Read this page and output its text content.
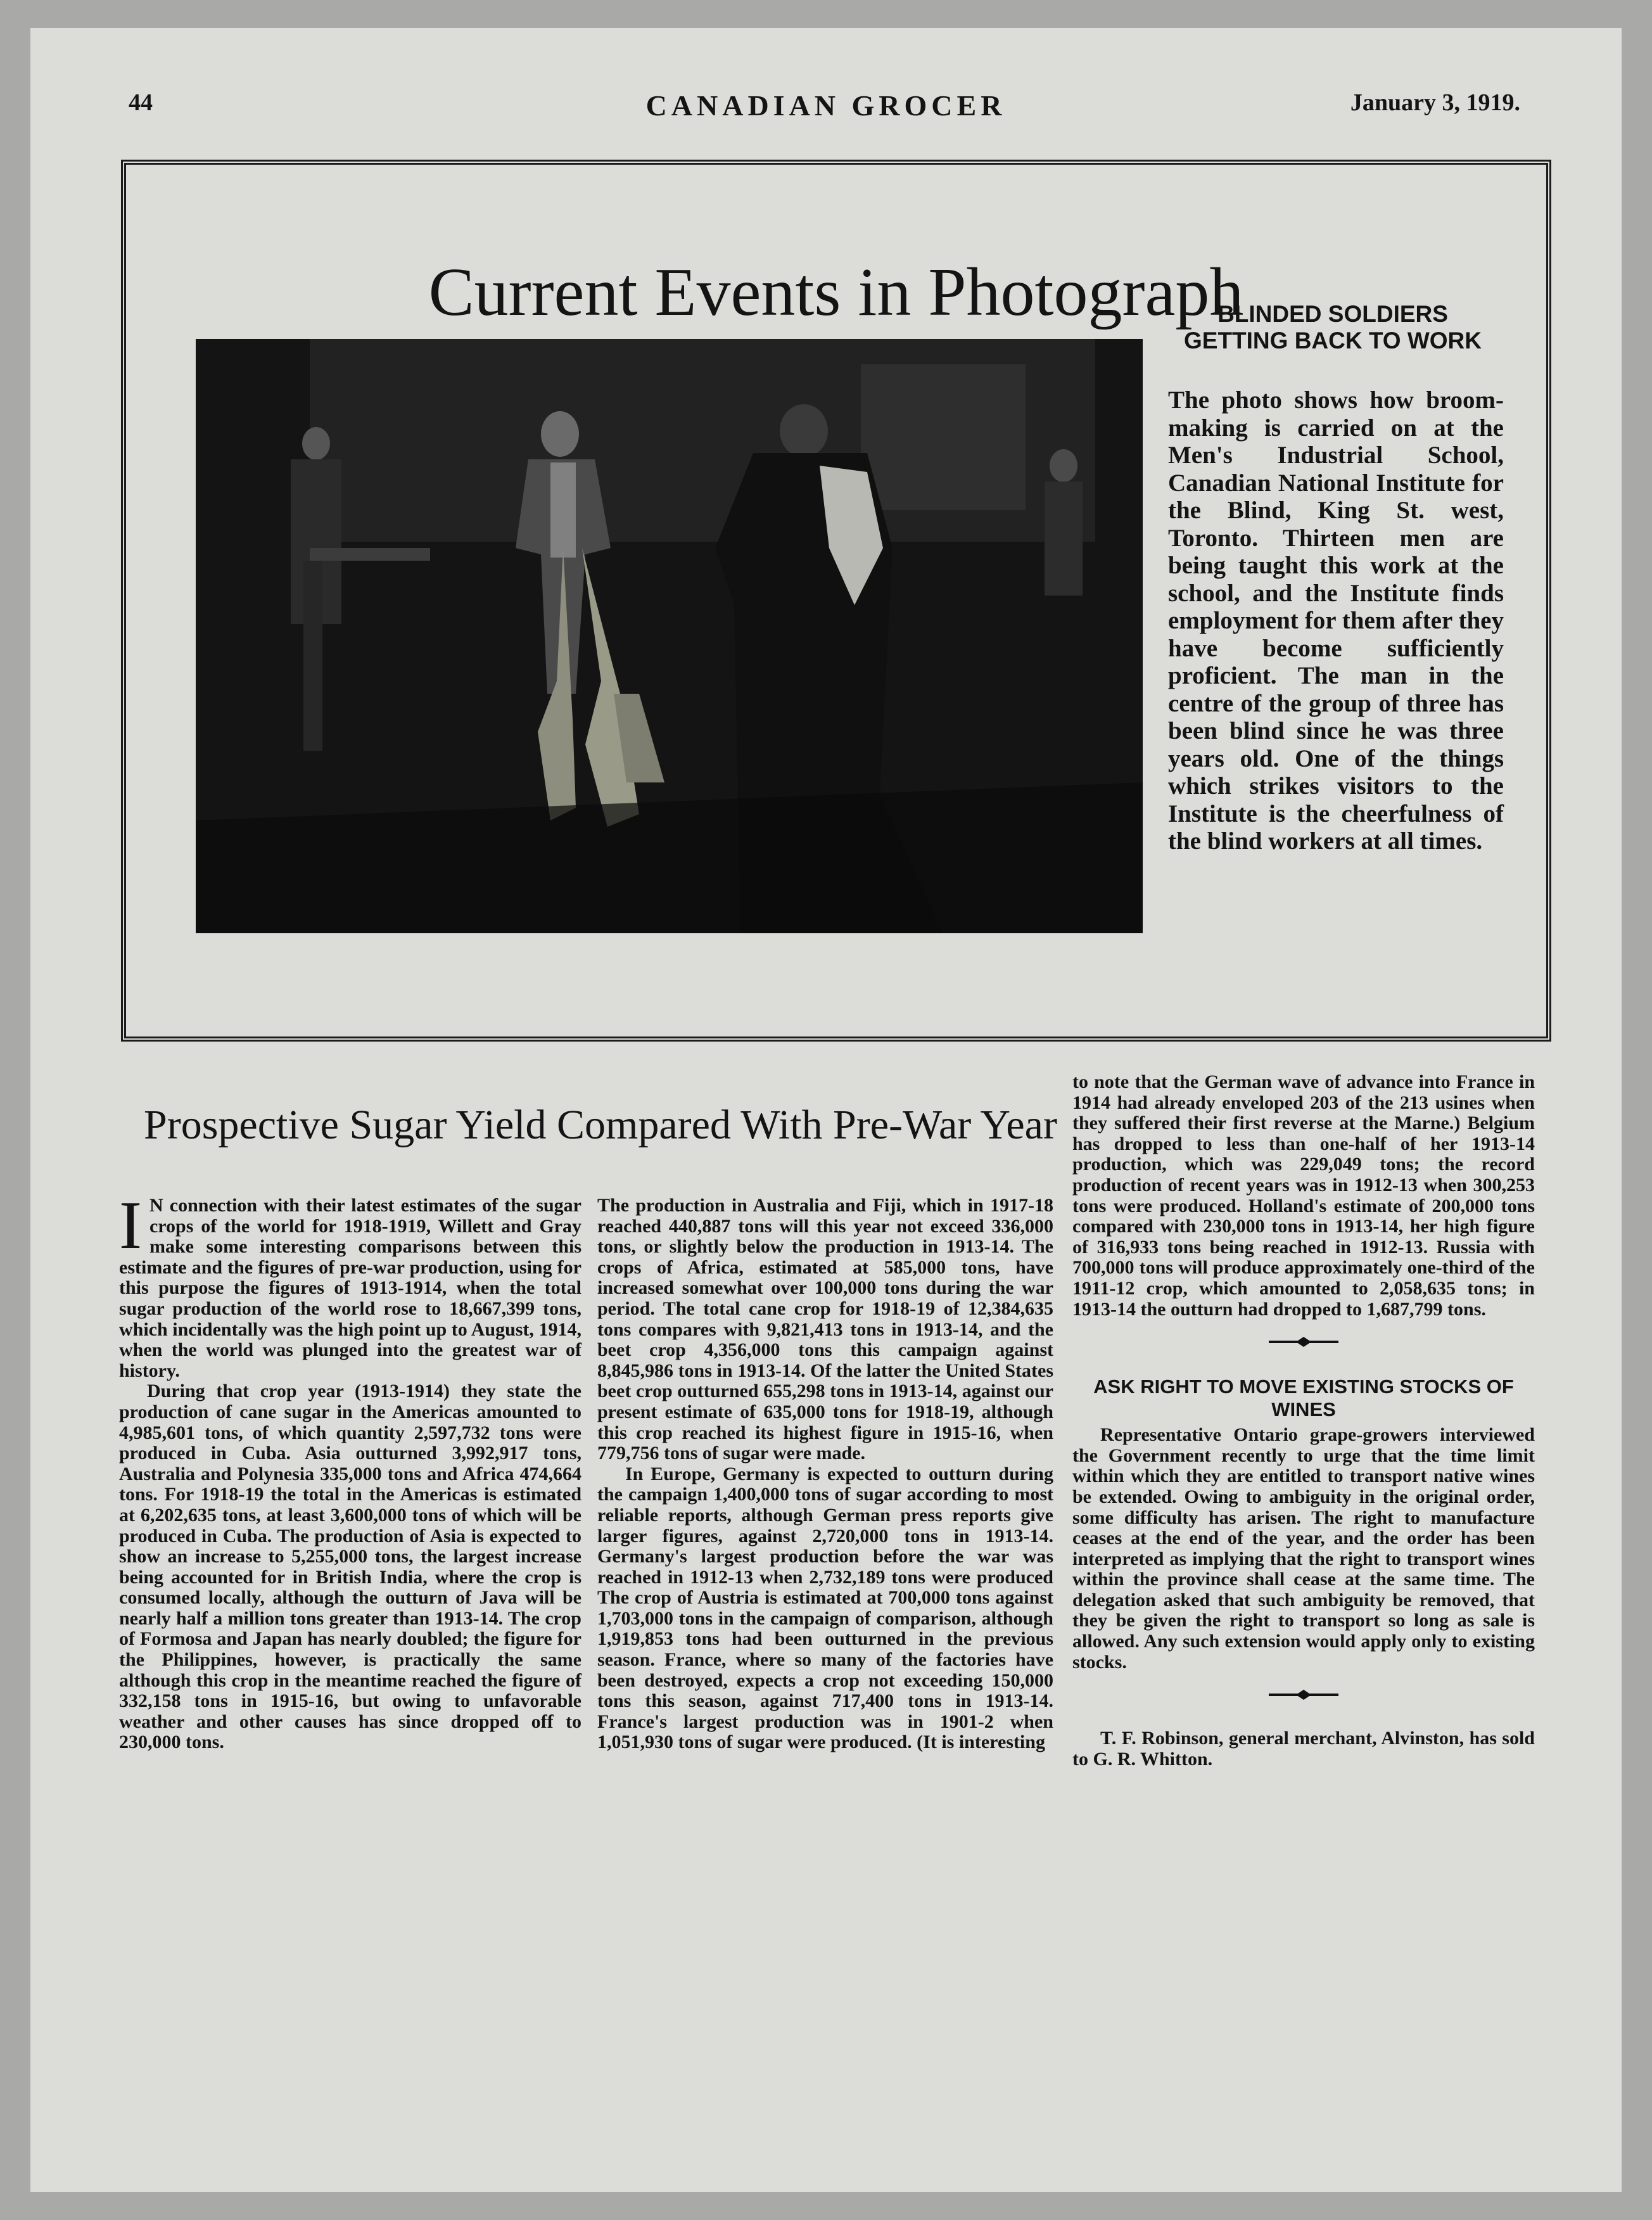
44	CANADIAN GROCER	January 3, 1919.
Current Events in Photograph
BLINDED SOLDIERS GETTING BACK TO WORK
The photo shows how broom-making is carried on at the Men's Industrial School, Canadian National Institute for the Blind, King St. west, Toronto. Thirteen men are being taught this work at the school, and the Institute finds employment for them after they have become sufficiently proficient. The man in the centre of the group of three has been blind since he was three years old. One of the things which strikes visitors to the Institute is the cheerfulness of the blind workers at all times.
Prospective Sugar Yield Compared With Pre-War Year

I N connection with their latest estimates of the sugar crops of the world for 1918-1919, Willett and Gray make some interesting comparisons between this estimate and the figures of pre-war production, using for this purpose the figures of 1913-1914, when the total sugar production of the world rose to 18,667,399 tons, which incidentally was the high point up to August, 1914, when the world was plunged into the greatest war of history.

During that crop year (1913-1914) they state the production of cane sugar in the Americas amounted to 4,985,601 tons, of which quantity 2,597,732 tons were produced in Cuba. Asia outturned 3,992,917 tons, Australia and Polynesia 335,000 tons and Africa 474,664 tons. For 1918-19 the total in the Americas is estimated at 6,202,635 tons, at least 3,600,000 tons of which will be produced in Cuba. The production of Asia is expected to show an increase to 5,255,000 tons, the largest increase being accounted for in British India, where the crop is consumed locally, although the outturn of Java will be nearly half a million tons greater than 1913-14. The crop of Formosa and Japan has nearly doubled; the figure for the Philippines, however, is practically the same although this crop in the meantime reached the figure of 332,158 tons in 1915-16, but owing to unfavorable weather and other causes has since dropped off to 230,000 tons.

The production in Australia and Fiji, which in 1917-18 reached 440,887 tons will this year not exceed 336,000 tons, or slightly below the production in 1913-14. The crops of Africa, estimated at 585,000 tons, have increased somewhat over 100,000 tons during the war period. The total cane crop for 1918-19 of 12,384,635 tons compares with 9,821,413 tons in 1913-14, and the beet crop 4,356,000 tons this campaign against 8,845,986 tons in 1913-14. Of the latter the United States beet crop outturned 655,298 tons in 1913-14, against our present estimate of 635,000 tons for 1918-19, although this crop reached its highest figure in 1915-16, when 779,756 tons of sugar were made.

In Europe, Germany is expected to outturn during the campaign 1,400,000 tons of sugar according to most reliable reports, although German press reports give larger figures, against 2,720,000 tons in 1913-14. Germany's largest production before the war was reached in 1912-13 when 2,732,189 tons were produced The crop of Austria is estimated at 700,000 tons against 1,703,000 tons in the campaign of comparison, although 1,919,853 tons had been outturned in the previous season. France, where so many of the factories have been destroyed, expects a crop not exceeding 150,000 tons this season, against 717,400 tons in 1913-14. France's largest production was in 1901-2 when 1,051,930 tons of sugar were produced. (It is interesting

to note that the German wave of advance into France in 1914 had already enveloped 203 of the 213 usines when they suffered their first reverse at the Marne.) Belgium has dropped to less than one-half of her 1913-14 production, which was 229,049 tons; the record production of recent years was in 1912-13 when 300,253 tons were produced. Holland's estimate of 200,000 tons compared with 230,000 tons in 1913-14, her high figure of 316,933 tons being reached in 1912-13. Russia with 700,000 tons will produce approximately one-third of the 1911-12 crop, which amounted to 2,058,635 tons; in 1913-14 the outturn had dropped to 1,687,799 tons.

ASK RIGHT TO MOVE EXISTING STOCKS OF WINES

Representative Ontario grape-growers interviewed the Government recently to urge that the time limit within which they are entitled to transport native wines be extended. Owing to ambiguity in the original order, some difficulty has arisen. The right to manufacture ceases at the end of the year, and the order has been interpreted as implying that the right to transport wines within the province shall cease at the same time. The delegation asked that such ambiguity be removed, that they be given the right to transport so long as sale is allowed. Any such extension would apply only to existing stocks.

T. F. Robinson, general merchant, Alvinston, has sold to G. R. Whitton.
